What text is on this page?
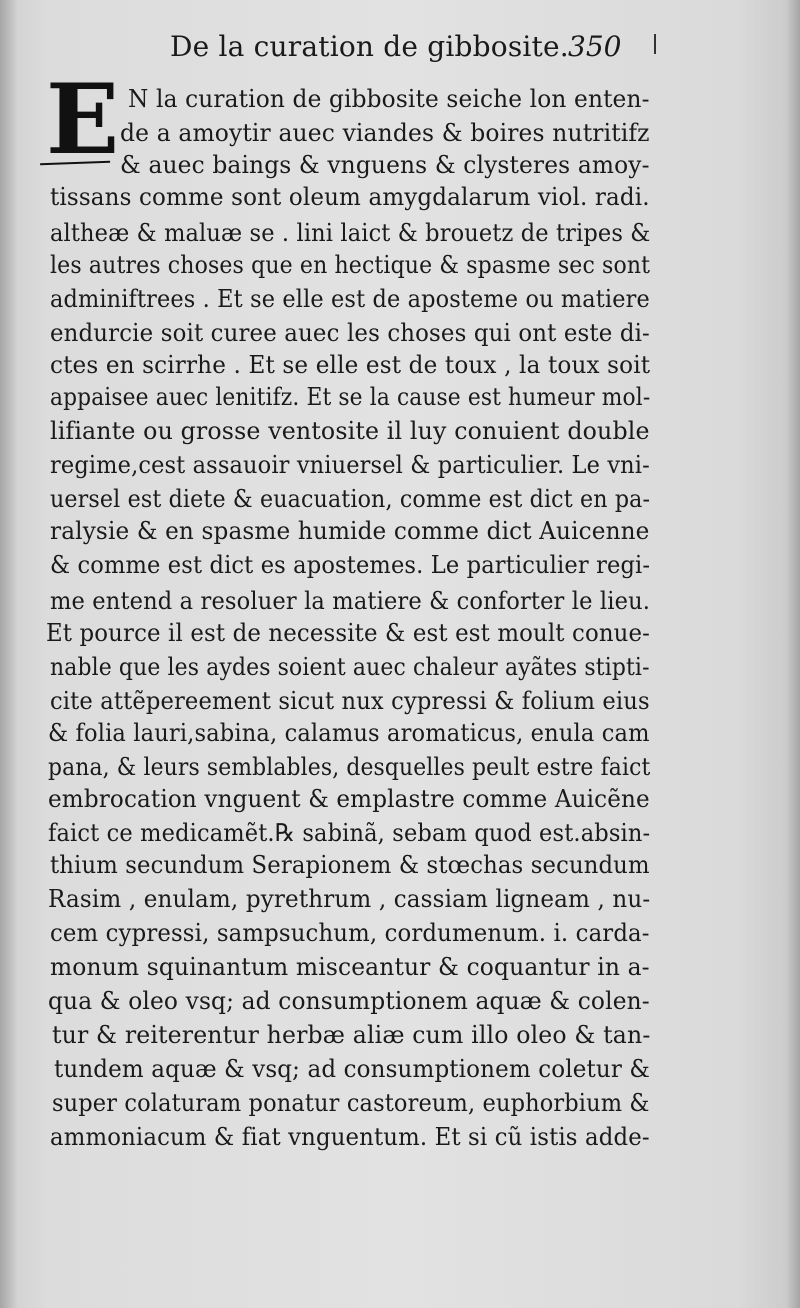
De la curation de gibbosite. 350
E N la curation de gibbosite seiche lon enten-
de a amoytir auec viandes & boires nutritifz
& auec baings & vnguens & clysteres amoy-
tissans comme sont oleum amygdalarum viol. radi.
altheæ & maluæ se . lini laict & brouetz de tripes &
les autres choses que en hectique & spasme sec sont
adminiftrees . Et se elle est de aposteme ou matiere
endurcie soit curee auec les choses qui ont este di-
ctes en scirrhe . Et se elle est de toux , la toux soit
appaisee auec lenitifz. Et se la cause est humeur mol-
lifiante ou grosse ventosite il luy conuient double
regime,cest assauoir vniuersel & particulier. Le vni-
uersel est diete & euacuation, comme est dict en pa-
ralysie & en spasme humide comme dict Auicenne
& comme est dict es apostemes. Le particulier regi-
me entend a resoluer la matiere & conforter le lieu.
Et pource il est de necessite & est est moult conue-
nable que les aydes soient auec chaleur ayãtes stipti-
cite attẽpereement sicut nux cypressi & folium eius
& folia lauri,sabina, calamus aromaticus, enula cam
pana, & leurs semblables, desquelles peult estre faict
embrocation vnguent & emplastre comme Auicẽne
faict ce medicamẽt.℞ sabinã, sebam quod est.absin-
thium secundum Serapionem & stœchas secundum
Rasim , enulam, pyrethrum , cassiam ligneam , nu-
cem cypressi, sampsuchum, cordumenum. i. carda-
monum squinantum misceantur & coquantur in a-
qua & oleo vsq; ad consumptionem aquæ & colen-
tur & reiterentur herbæ aliæ cum illo oleo & tan-
tundem aquæ & vsq; ad consumptionem coletur &
super colaturam ponatur castoreum, euphorbium &
ammoniacum & fiat vnguentum. Et si cũ istis adde-
